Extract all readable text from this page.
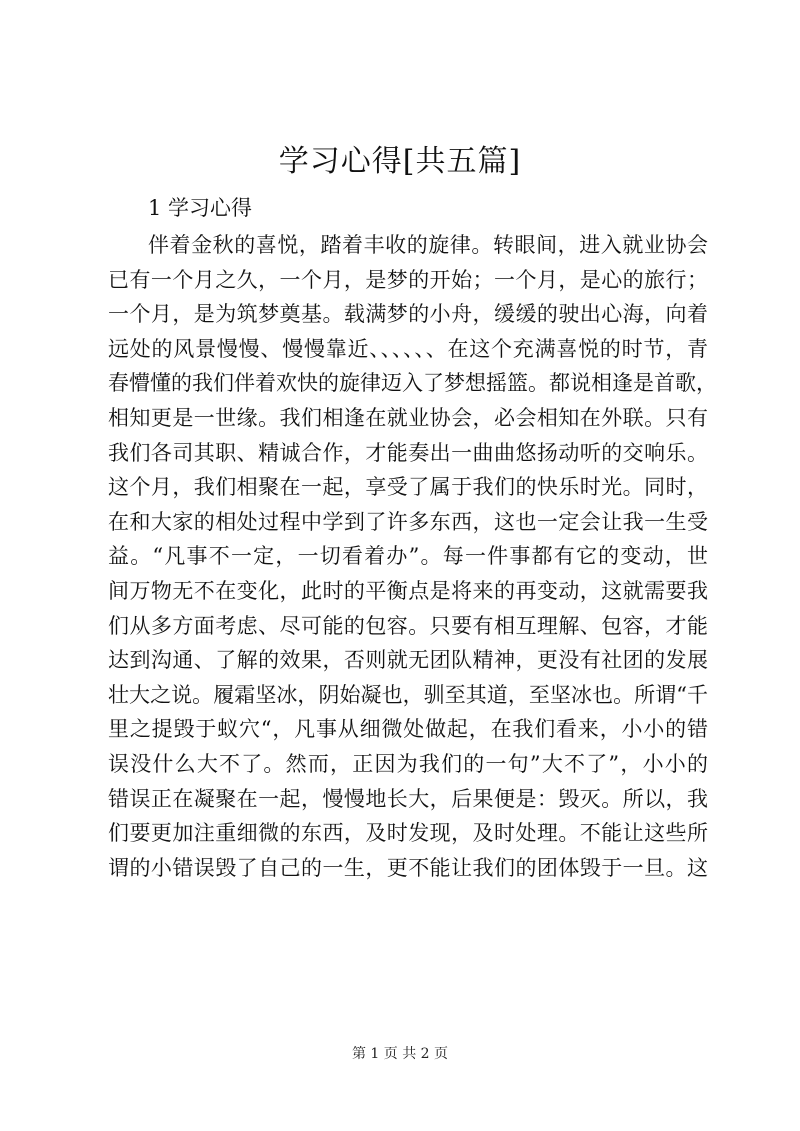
学习心得[共五篇]
1 学习心得
伴着金秋的喜悦，踏着丰收的旋律。转眼间，进入就业协会
已有一个月之久，一个月，是梦的开始；一个月，是心的旅行；
一个月，是为筑梦奠基。载满梦的小舟，缓缓的驶出心海，向着
远处的风景慢慢、慢慢靠近、、、、、、在这个充满喜悦的时节，青
春懵懂的我们伴着欢快的旋律迈入了梦想摇篮。都说相逢是首歌，
相知更是一世缘。我们相逢在就业协会，必会相知在外联。只有
我们各司其职、精诚合作，才能奏出一曲曲悠扬动听的交响乐。
这个月，我们相聚在一起，享受了属于我们的快乐时光。同时，
在和大家的相处过程中学到了许多东西，这也一定会让我一生受
益。“凡事不一定，一切看着办”。每一件事都有它的变动，世
间万物无不在变化，此时的平衡点是将来的再变动，这就需要我
们从多方面考虑、尽可能的包容。只要有相互理解、包容，才能
达到沟通、了解的效果，否则就无团队精神，更没有社团的发展
壮大之说。履霜坚冰，阴始凝也，驯至其道，至坚冰也。所谓“千
里之提毁于蚁穴“，凡事从细微处做起，在我们看来，小小的错
误没什么大不了。然而，正因为我们的一句”大不了”，小小的
错误正在凝聚在一起，慢慢地长大，后果便是：毁灭。所以，我
们要更加注重细微的东西，及时发现，及时处理。不能让这些所
谓的小错误毁了自己的一生，更不能让我们的团体毁于一旦。这
第 1 页 共 2 页
